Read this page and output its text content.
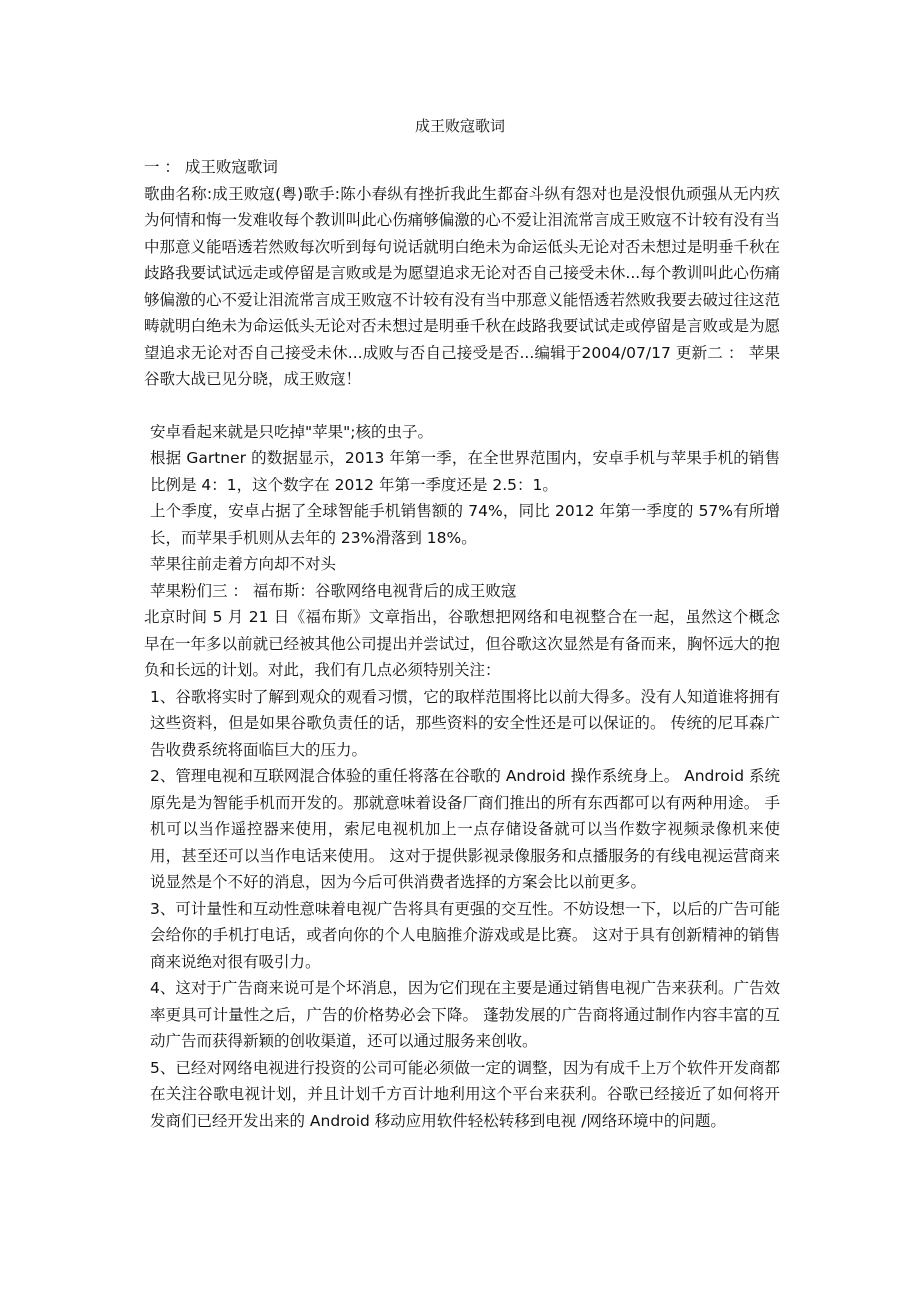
成王败寇歌词

一 ： 成王败寇歌词

歌曲名称:成王败寇(粤)歌手:陈小春纵有挫折我此生都奋斗纵有怨对也是没恨仇顽强从无内疚为何情和悔一发难收每个教训叫此心伤痛够偏激的心不爱让泪流常言成王败寇不计较有没有当中那意义能唔透若然败每次听到每句说话就明白绝未为命运低头无论对否未想过是明垂千秋在歧路我要试试远走或停留是言败或是为愿望追求无论对否自己接受未休...每个教训叫此心伤痛够偏激的心不爱让泪流常言成王败寇不计较有没有当中那意义能悟透若然败我要去破过往这范畴就明白绝未为命运低头无论对否未想过是明垂千秋在歧路我要试试走或停留是言败或是为愿望追求无论对否自己接受未休...成败与否自己接受是否...编辑于2004/07/17 更新二 ： 苹果谷歌大战已见分晓，成王败寇！

安卓看起来就是只吃掉"苹果";核的虫子。

根据 Gartner 的数据显示，2013 年第一季，在全世界范围内，安卓手机与苹果手机的销售比例是 4：1，这个数字在 2012 年第一季度还是 2.5：1。

上个季度，安卓占据了全球智能手机销售额的 74%，同比 2012 年第一季度的 57%有所增长，而苹果手机则从去年的 23%滑落到 18%。

苹果往前走着方向却不对头

苹果粉们三 ： 福布斯：谷歌网络电视背后的成王败寇

北京时间 5 月 21 日《福布斯》文章指出，谷歌想把网络和电视整合在一起，虽然这个概念早在一年多以前就已经被其他公司提出并尝试过，但谷歌这次显然是有备而来，胸怀远大的抱负和长远的计划。对此，我们有几点必须特别关注：

1、谷歌将实时了解到观众的观看习惯，它的取样范围将比以前大得多。没有人知道谁将拥有这些资料，但是如果谷歌负责任的话，那些资料的安全性还是可以保证的。 传统的尼耳森广告收费系统将面临巨大的压力。

2、管理电视和互联网混合体验的重任将落在谷歌的 Android 操作系统身上。 Android 系统原先是为智能手机而开发的。那就意味着设备厂商们推出的所有东西都可以有两种用途。 手机可以当作遥控器来使用，索尼电视机加上一点存储设备就可以当作数字视频录像机来使用，甚至还可以当作电话来使用。 这对于提供影视录像服务和点播服务的有线电视运营商来说显然是个不好的消息，因为今后可供消费者选择的方案会比以前更多。

3、可计量性和互动性意味着电视广告将具有更强的交互性。不妨设想一下，以后的广告可能会给你的手机打电话，或者向你的个人电脑推介游戏或是比赛。 这对于具有创新精神的销售商来说绝对很有吸引力。

4、这对于广告商来说可是个坏消息，因为它们现在主要是通过销售电视广告来获利。广告效率更具可计量性之后，广告的价格势必会下降。 蓬勃发展的广告商将通过制作内容丰富的互动广告而获得新颖的创收渠道，还可以通过服务来创收。

5、已经对网络电视进行投资的公司可能必须做一定的调整，因为有成千上万个软件开发商都在关注谷歌电视计划，并且计划千方百计地利用这个平台来获利。谷歌已经接近了如何将开发商们已经开发出来的 Android 移动应用软件轻松转移到电视 /网络环境中的问题。
